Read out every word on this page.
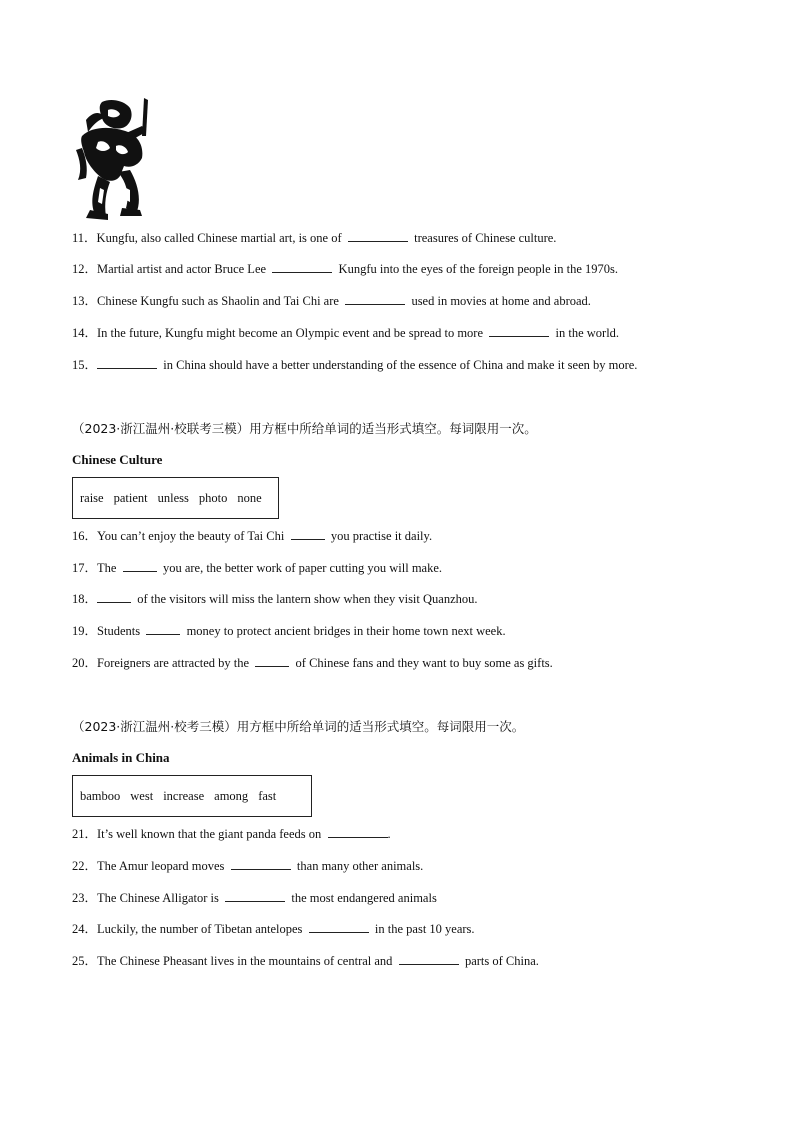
11．Kungfu, also called Chinese martial art, is one of	treasures of Chinese culture.
12．Martial artist and actor Bruce Lee	Kungfu into the eyes of the foreign people in the 1970s.
13．Chinese Kungfu such as Shaolin and Tai Chi are	used in movies at home and abroad.
14．In the future, Kungfu might become an Olympic event and be spread to more	in the world.
15．	in China should have a better understanding of the essence of China and make it seen by more.
（2023·浙江温州·校联考三模）用方框中所给单词的适当形式填空。每词限用一次。
Chinese Culture
raise patient unless photo none
16．You can’t enjoy the beauty of Tai Chi	you practise it daily.
17．The	you are, the better work of paper cutting you will make.
18．	of the visitors will miss the lantern show when they visit Quanzhou.
19．Students	money to protect ancient bridges in their home town next week.
20．Foreigners are attracted by the	of Chinese fans and they want to buy some as gifts.
（2023·浙江温州·校考三模）用方框中所给单词的适当形式填空。每词限用一次。
Animals in China
bamboo west increase among fast
21．It’s well known that the giant panda feeds on	.
22．The Amur leopard moves	than many other animals.
23．The Chinese Alligator is	the most endangered animals
24．Luckily, the number of Tibetan antelopes	in the past 10 years.
25．The Chinese Pheasant lives in the mountains of central and	parts of China.
